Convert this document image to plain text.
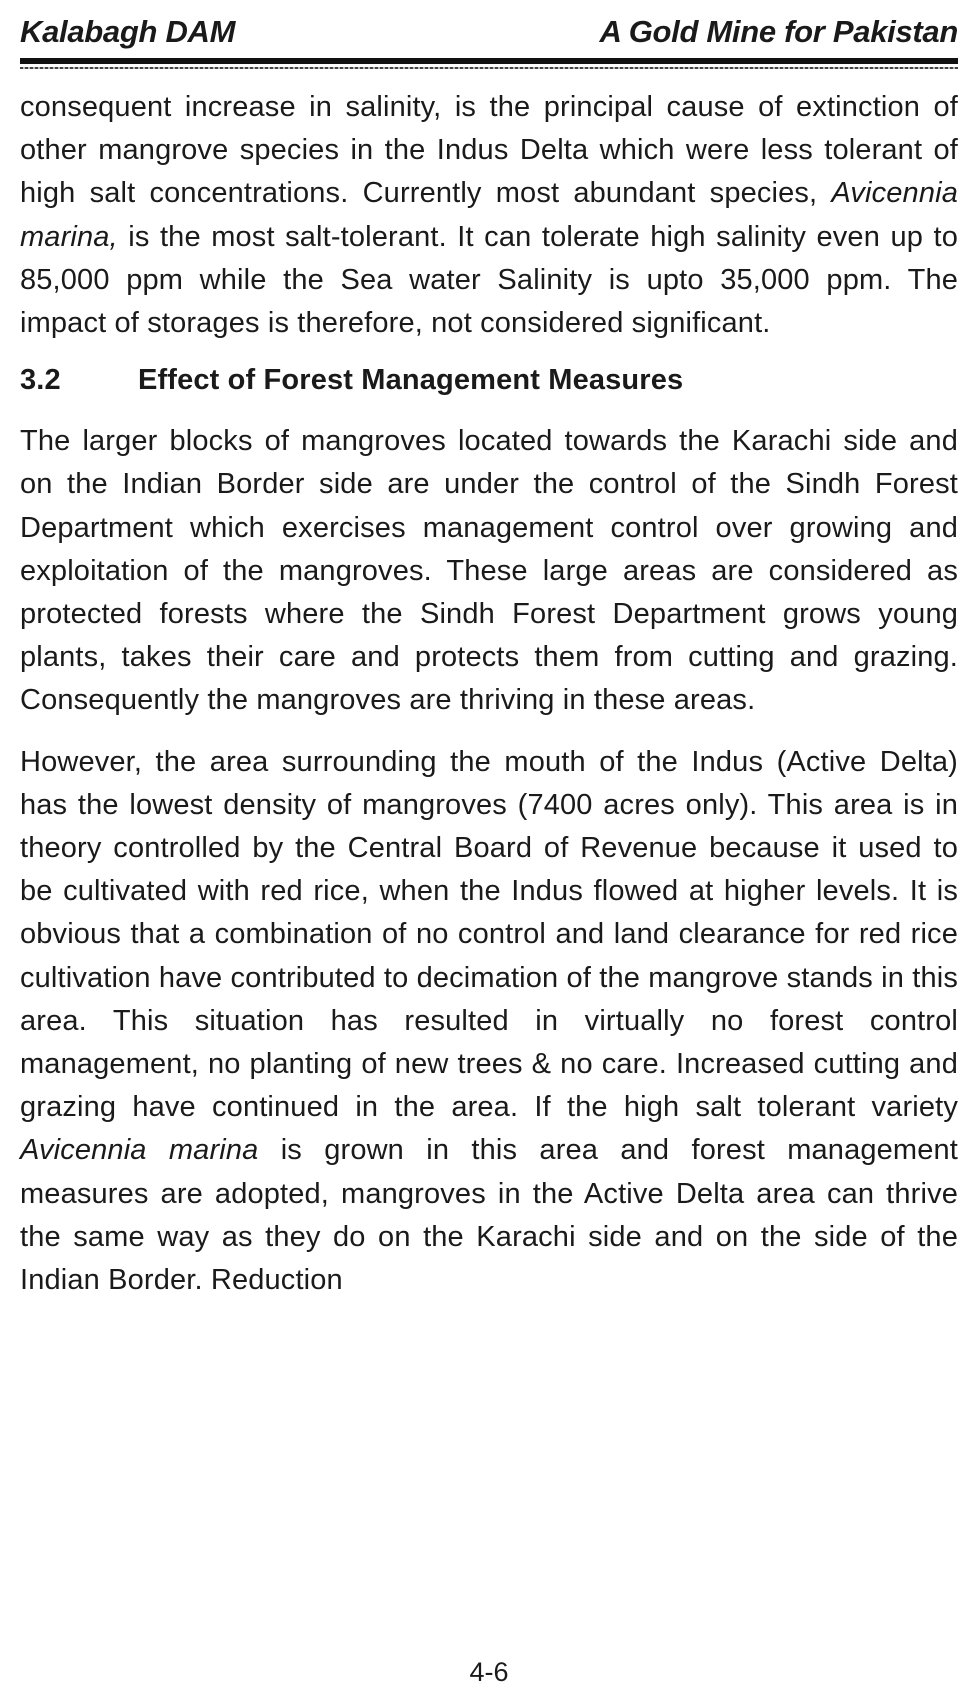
Kalabagh DAM	A Gold Mine for Pakistan

consequent increase in salinity, is the principal cause of extinction of other mangrove species in the Indus Delta which were less tolerant of high salt concentrations. Currently most abundant species, Avicennia marina, is the most salt-tolerant. It can tolerate high salinity even up to 85,000 ppm while the Sea water Salinity is upto 35,000 ppm. The impact of storages is therefore, not considered significant.

3.2	Effect of Forest Management Measures

The larger blocks of mangroves located towards the Karachi side and on the Indian Border side are under the control of the Sindh Forest Department which exercises management control over growing and exploitation of the mangroves. These large areas are considered as protected forests where the Sindh Forest Department grows young plants, takes their care and protects them from cutting and grazing. Consequently the mangroves are thriving in these areas.

However, the area surrounding the mouth of the Indus (Active Delta) has the lowest density of mangroves (7400 acres only). This area is in theory controlled by the Central Board of Revenue because it used to be cultivated with red rice, when the Indus flowed at higher levels. It is obvious that a combination of no control and land clearance for red rice cultivation have contributed to decimation of the mangrove stands in this area. This situation has resulted in virtually no forest control management, no planting of new trees & no care. Increased cutting and grazing have continued in the area. If the high salt tolerant variety Avicennia marina is grown in this area and forest management measures are adopted, mangroves in the Active Delta area can thrive the same way as they do on the Karachi side and on the side of the Indian Border. Reduction

4-6
